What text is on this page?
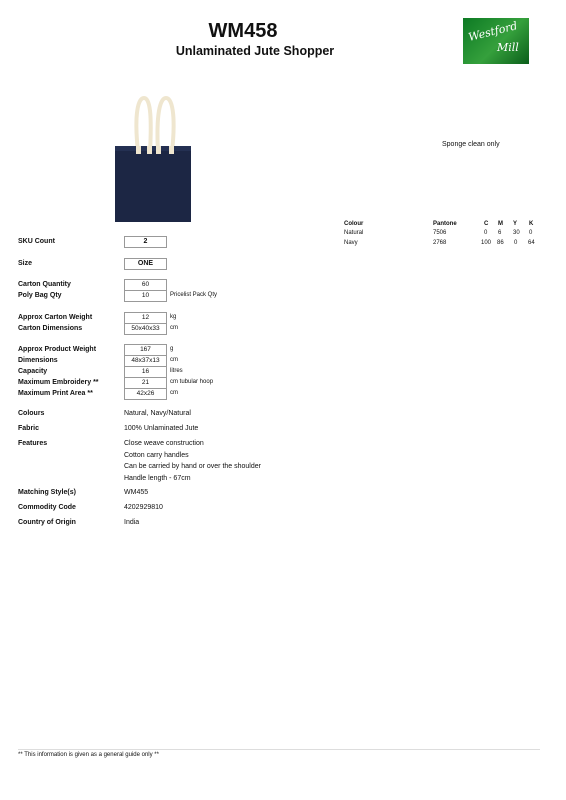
WM458
Unlaminated Jute Shopper
Westford
Mill
Sponge clean only
Colour	Pantone	C M Y K
Natural	7506	0 6 30 0
Navy	2768	100 86 0 64
SKU Count	2
Size	ONE
Carton Quantity	60
Poly Bag Qty	10	Pricelist Pack Qty
Approx Carton Weight	12	kg
Carton Dimensions	50x40x33	cm
Approx Product Weight	167	g
Dimensions	48x37x13	cm
Capacity	16	litres
Maximum Embroidery **	21	cm tubular hoop
Maximum Print Area **	42x26	cm
Colours	Natural, Navy/Natural
Fabric	100% Unlaminated Jute
Features	Close weave construction
Cotton carry handles
Can be carried by hand or over the shoulder
Handle length - 67cm
Matching Style(s)	WM455
Commodity Code	4202929810
Country of Origin	India
** This information is given as a general guide only **
